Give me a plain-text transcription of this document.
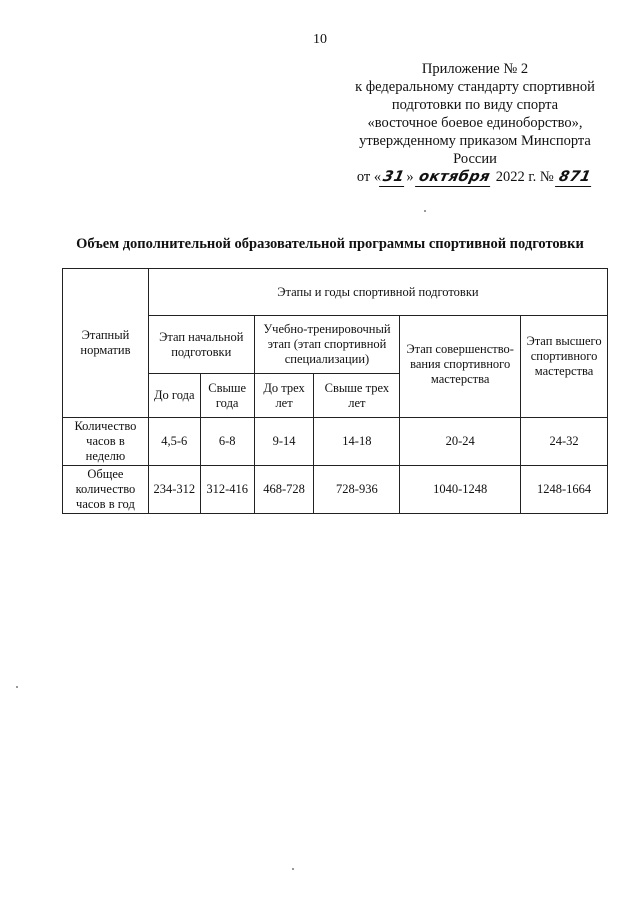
10
Приложение № 2
к федеральному стандарту спортивной
подготовки по виду спорта
«восточное боевое единоборство»,
утвержденному приказом Минспорта
России
от «31» октября 2022 г. № 871
Объем дополнительной образовательной программы спортивной подготовки
Этапный норматив	Этапы и годы спортивной подготовки					
	Этап начальной подготовки		Учебно-тренировочный этап (этап спортивной специализации)		Этап совершенство-вания спортивного мастерства	Этап высшего спортивного мастерства
	До года	Свыше года	До трех лет	Свыше трех лет		
Количество часов в неделю	4,5-6	6-8	9-14	14-18	20-24	24-32
Общее количество часов в год	234-312	312-416	468-728	728-936	1040-1248	1248-1664
